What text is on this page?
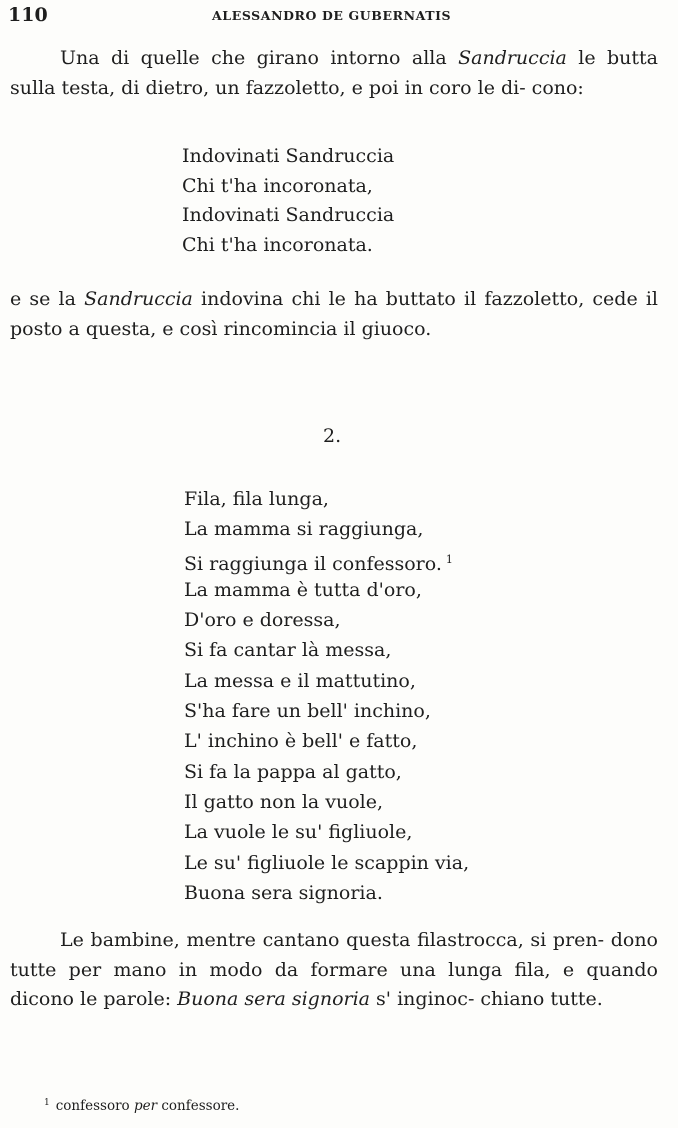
110	ALESSANDRO DE GUBERNATIS

Una di quelle che girano intorno alla Sandruccia le butta sulla testa, di dietro, un fazzoletto, e poi in coro le di- cono:

Indovinati Sandruccia
Chi t'ha incoronata,
Indovinati Sandruccia
Chi t'ha incoronata.

e se la Sandruccia indovina chi le ha buttato il fazzoletto, cede il posto a questa, e così rincomincia il giuoco.

2.
Fila, fila lunga,
La mamma si raggiunga,
Si raggiunga il confessoro. $^1$
La mamma è tutta d'oro,
D'oro e doressa,
Si fa cantar là messa,
La messa e il mattutino,
S'ha fare un bell' inchino,
L' inchino è bell' e fatto,
Si fa la pappa al gatto,
Il gatto non la vuole,
La vuole le su' figliuole,
Le su' figliuole le scappin via,
Buona sera signoria.

Le bambine, mentre cantano questa filastrocca, si pren- dono tutte per mano in modo da formare una lunga fila, e quando dicono le parole: Buona sera signoria s' inginoc- chiano tutte.

$^1$ confessoro per confessore.
